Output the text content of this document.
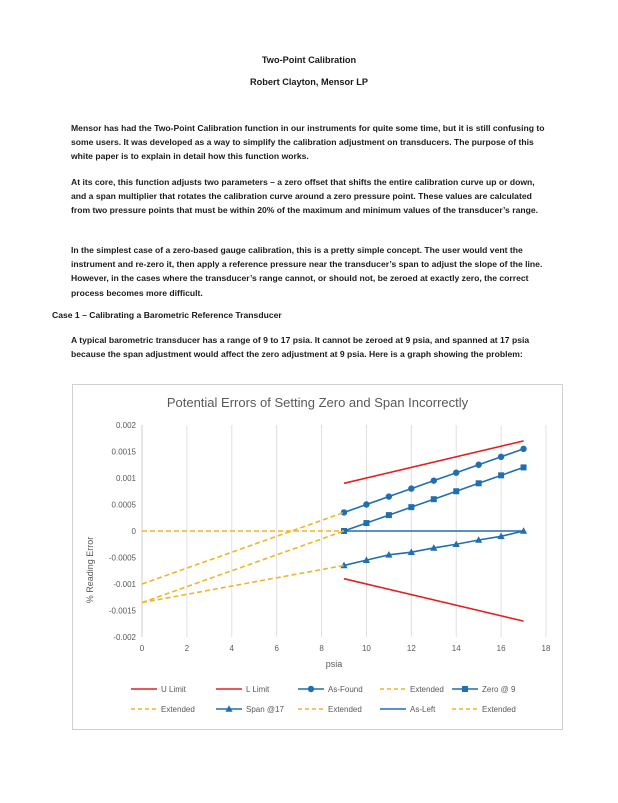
Two-Point Calibration
Robert Clayton, Mensor LP
Mensor has had the Two-Point Calibration function in our instruments for quite some time, but it is still confusing to some users. It was developed as a way to simplify the calibration adjustment on transducers. The purpose of this white paper is to explain in detail how this function works.
At its core, this function adjusts two parameters – a zero offset that shifts the entire calibration curve up or down, and a span multiplier that rotates the calibration curve around a zero pressure point. These values are calculated from two pressure points that must be within 20% of the maximum and minimum values of the transducer’s range.
In the simplest case of a zero-based gauge calibration, this is a pretty simple concept. The user would vent the instrument and re-zero it, then apply a reference pressure near the transducer’s span to adjust the slope of the line. However, in the cases where the transducer’s range cannot, or should not, be zeroed at exactly zero, the correct process becomes more difficult.
Case 1 – Calibrating a Barometric Reference Transducer
A typical barometric transducer has a range of 9 to 17 psia. It cannot be zeroed at 9 psia, and spanned at 17 psia because the span adjustment would affect the zero adjustment at 9 psia. Here is a graph showing the problem:
Potential Errors of Setting Zero and Span Incorrectly
0	2	4	6	8	10	12	14	16	18
0.002
0.0015
0.001
0.0005
0
-0.0005
-0.001
-0.0015
-0.002
% Reading Error
psia
U Limit	L Limit	As-Found	Extended	Zero @ 9
Extended	Span @17	Extended	As-Left	Extended
